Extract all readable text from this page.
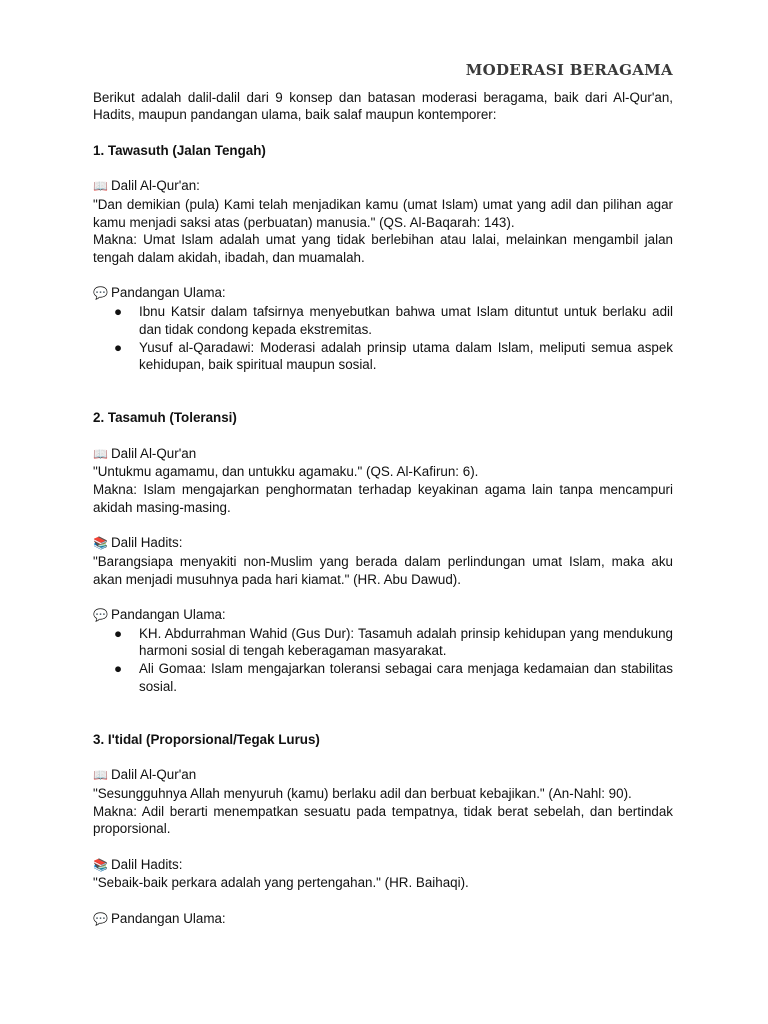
MODERASI BERAGAMA

Berikut adalah dalil-dalil dari 9 konsep dan batasan moderasi beragama, baik dari Al-Qur'an, Hadits, maupun pandangan ulama, baik salaf maupun kontemporer:

1. Tawasuth (Jalan Tengah)

📖 Dalil Al-Qur'an:

"Dan demikian (pula) Kami telah menjadikan kamu (umat Islam) umat yang adil dan pilihan agar kamu menjadi saksi atas (perbuatan) manusia." (QS. Al-Baqarah: 143).

Makna: Umat Islam adalah umat yang tidak berlebihan atau lalai, melainkan mengambil jalan tengah dalam akidah, ibadah, dan muamalah.

💬 Pandangan Ulama:

● Ibnu Katsir dalam tafsirnya menyebutkan bahwa umat Islam dituntut untuk berlaku adil dan tidak condong kepada ekstremitas.
● Yusuf al-Qaradawi: Moderasi adalah prinsip utama dalam Islam, meliputi semua aspek kehidupan, baik spiritual maupun sosial.

2. Tasamuh (Toleransi)

📖 Dalil Al-Qur'an

"Untukmu agamamu, dan untukku agamaku." (QS. Al-Kafirun: 6).

Makna: Islam mengajarkan penghormatan terhadap keyakinan agama lain tanpa mencampuri akidah masing-masing.

📚 Dalil Hadits:

"Barangsiapa menyakiti non-Muslim yang berada dalam perlindungan umat Islam, maka aku akan menjadi musuhnya pada hari kiamat." (HR. Abu Dawud).

💬 Pandangan Ulama:

● KH. Abdurrahman Wahid (Gus Dur): Tasamuh adalah prinsip kehidupan yang mendukung harmoni sosial di tengah keberagaman masyarakat.
● Ali Gomaa: Islam mengajarkan toleransi sebagai cara menjaga kedamaian dan stabilitas sosial.

3. I'tidal (Proporsional/Tegak Lurus)

📖 Dalil Al-Qur'an

"Sesungguhnya Allah menyuruh (kamu) berlaku adil dan berbuat kebajikan." (An-Nahl: 90).

Makna: Adil berarti menempatkan sesuatu pada tempatnya, tidak berat sebelah, dan bertindak proporsional.

📚 Dalil Hadits:

"Sebaik-baik perkara adalah yang pertengahan." (HR. Baihaqi).

💬 Pandangan Ulama:
